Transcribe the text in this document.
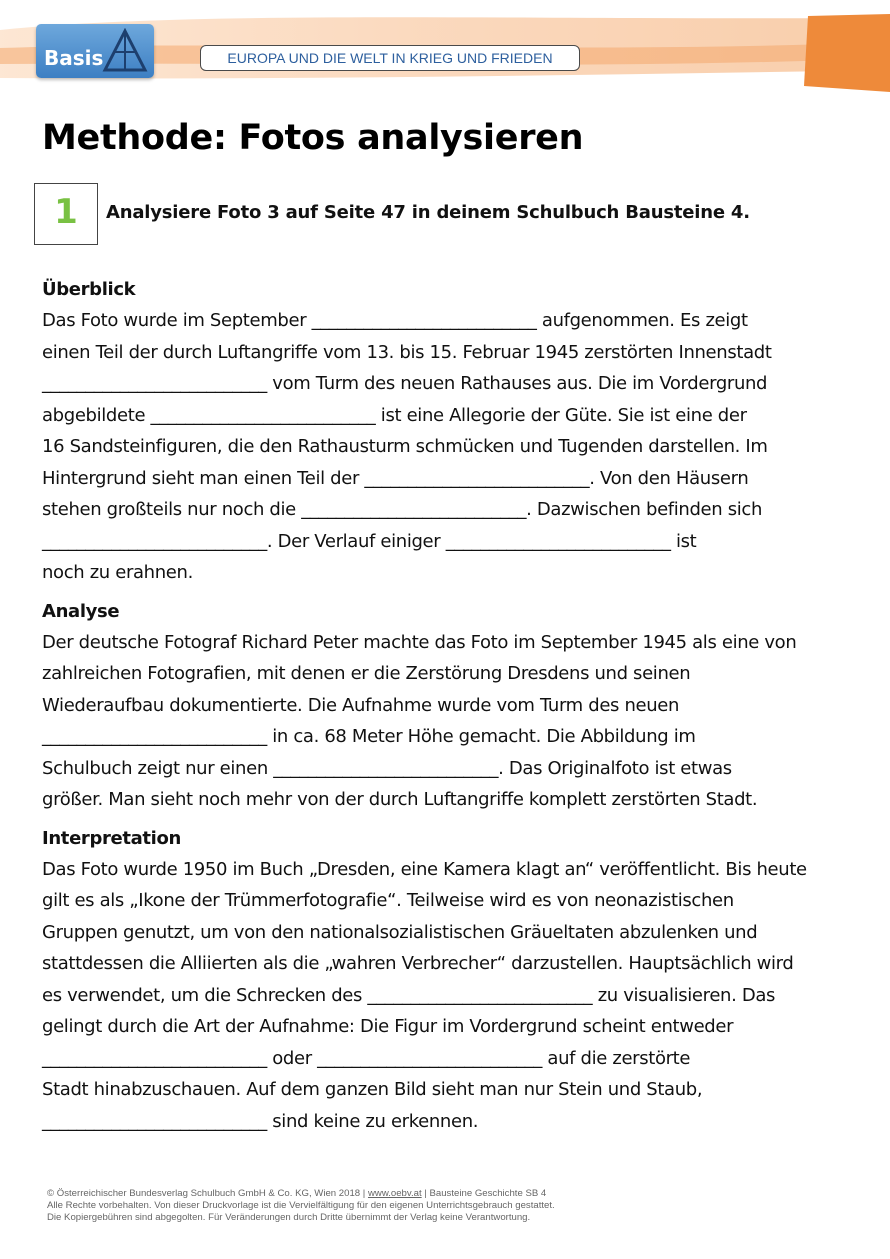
Basis	EUROPA UND DIE WELT IN KRIEG UND FRIEDEN
Methode: Fotos analysieren
1	Analysiere Foto 3 auf Seite 47 in deinem Schulbuch Bausteine 4.
Überblick
Das Foto wurde im September __________________________ aufgenommen. Es zeigt
einen Teil der durch Luftangriffe vom 13. bis 15. Februar 1945 zerstörten Innenstadt
__________________________ vom Turm des neuen Rathauses aus. Die im Vordergrund
abgebildete __________________________ ist eine Allegorie der Güte. Sie ist eine der
16 Sandsteinfiguren, die den Rathausturm schmücken und Tugenden darstellen. Im
Hintergrund sieht man einen Teil der __________________________. Von den Häusern
stehen großteils nur noch die __________________________. Dazwischen befinden sich
__________________________. Der Verlauf einiger __________________________ ist
noch zu erahnen.
Analyse
Der deutsche Fotograf Richard Peter machte das Foto im September 1945 als eine von
zahlreichen Fotografien, mit denen er die Zerstörung Dresdens und seinen
Wiederaufbau dokumentierte. Die Aufnahme wurde vom Turm des neuen
__________________________ in ca. 68 Meter Höhe gemacht. Die Abbildung im
Schulbuch zeigt nur einen __________________________. Das Originalfoto ist etwas
größer. Man sieht noch mehr von der durch Luftangriffe komplett zerstörten Stadt.
Interpretation
Das Foto wurde 1950 im Buch „Dresden, eine Kamera klagt an“ veröffentlicht. Bis heute
gilt es als „Ikone der Trümmerfotografie“. Teilweise wird es von neonazistischen
Gruppen genutzt, um von den nationalsozialistischen Gräueltaten abzulenken und
stattdessen die Alliierten als die „wahren Verbrecher“ darzustellen. Hauptsächlich wird
es verwendet, um die Schrecken des __________________________ zu visualisieren. Das
gelingt durch die Art der Aufnahme: Die Figur im Vordergrund scheint entweder
__________________________ oder __________________________ auf die zerstörte
Stadt hinabzuschauen. Auf dem ganzen Bild sieht man nur Stein und Staub,
__________________________ sind keine zu erkennen.
© Österreichischer Bundesverlag Schulbuch GmbH & Co. KG, Wien 2018 | www.oebv.at | Bausteine Geschichte SB 4
Alle Rechte vorbehalten. Von dieser Druckvorlage ist die Vervielfältigung für den eigenen Unterrichtsgebrauch gestattet.
Die Kopiergebühren sind abgegolten. Für Veränderungen durch Dritte übernimmt der Verlag keine Verantwortung.
